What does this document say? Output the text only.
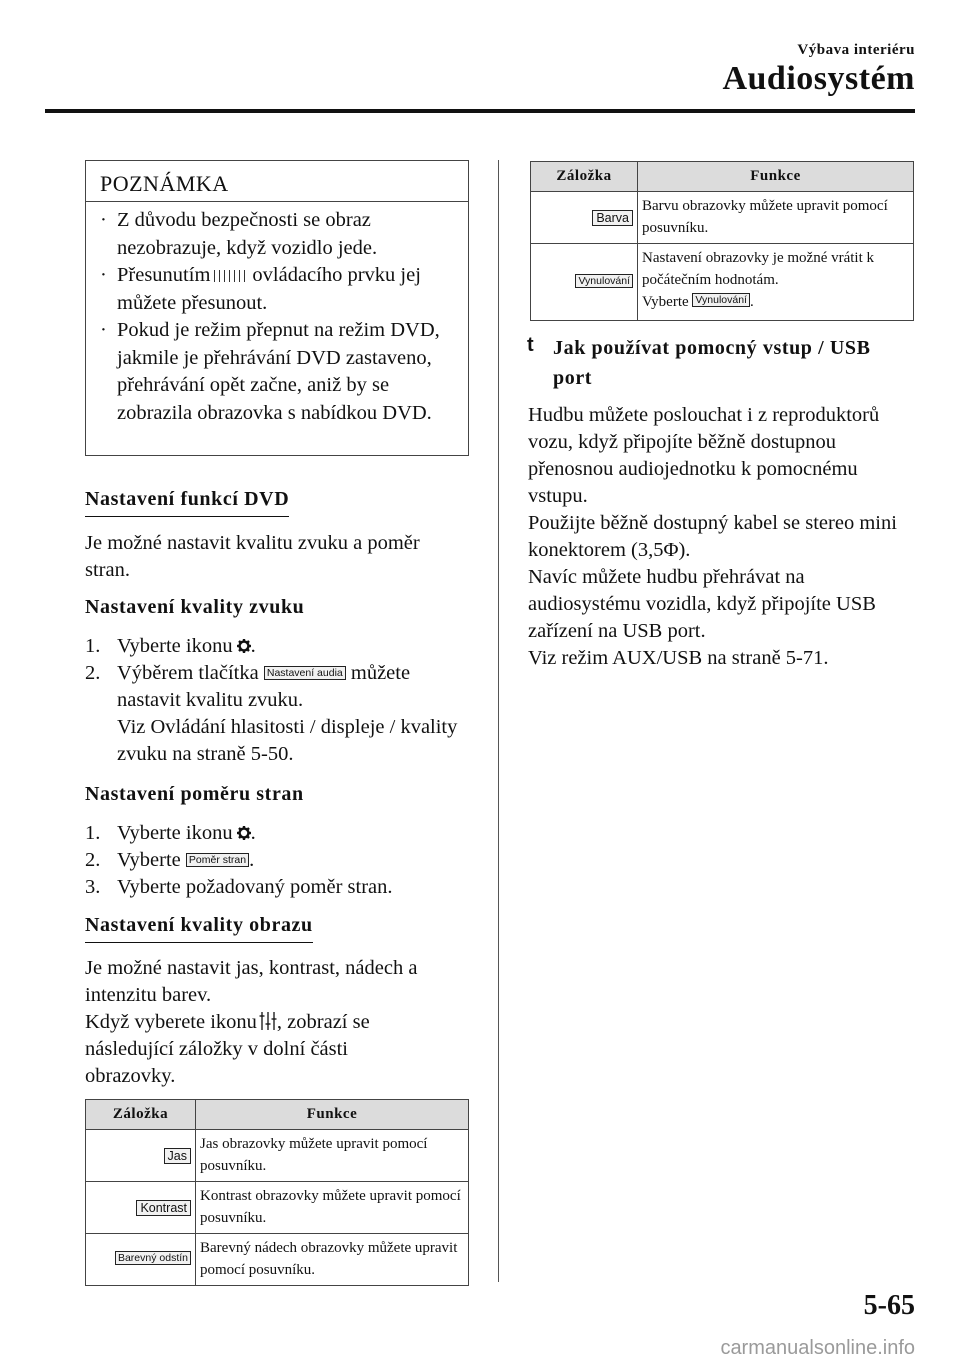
Výbava interiéru
Audiosystém
POZNÁMKA
· Z důvodu bezpečnosti se obraz nezobrazuje, když vozidlo jede.
· Přesunutím ovládacího prvku jej můžete přesunout.
· Pokud je režim přepnut na režim DVD, jakmile je přehrávání DVD zastaveno, přehrávání opět začne, aniž by se zobrazila obrazovka s nabídkou DVD.
Nastavení funkcí DVD
Je možné nastavit kvalitu zvuku a poměr stran.
Nastavení kvality zvuku
1. Vyberte ikonu .
2. Výběrem tlačítka Nastavení audia můžete nastavit kvalitu zvuku.
Viz Ovládání hlasitosti / displeje / kvality zvuku na straně 5-50.
Nastavení poměru stran
1. Vyberte ikonu .
2. Vyberte Poměr stran .
3. Vyberte požadovaný poměr stran.
Nastavení kvality obrazu
Je možné nastavit jas, kontrast, nádech a intenzitu barev.
Když vyberete ikonu , zobrazí se následující záložky v dolní části obrazovky.
Záložka	Funkce
Jas	Jas obrazovky můžete upravit pomocí posuvníku.
Kontrast	Kontrast obrazovky můžete upravit pomocí posuvníku.
Barevný odstín	Barevný nádech obrazovky můžete upravit pomocí posuvníku.
Záložka	Funkce
Barva	Barvu obrazovky můžete upravit pomocí posuvníku.
Vynulování	Nastavení obrazovky je možné vrátit k počátečním hodnotám.
Vyberte Vynulování .
t Jak používat pomocný vstup / USB port
Hudbu můžete poslouchat i z reproduktorů vozu, když připojíte běžně dostupnou přenosnou audiojednotku k pomocnému vstupu.
Použijte běžně dostupný kabel se stereo mini konektorem (3,5Φ).
Navíc můžete hudbu přehrávat na audiosystému vozidla, když připojíte USB zařízení na USB port.
Viz režim AUX/USB na straně 5-71.
5-65
carmanualsonline.info
